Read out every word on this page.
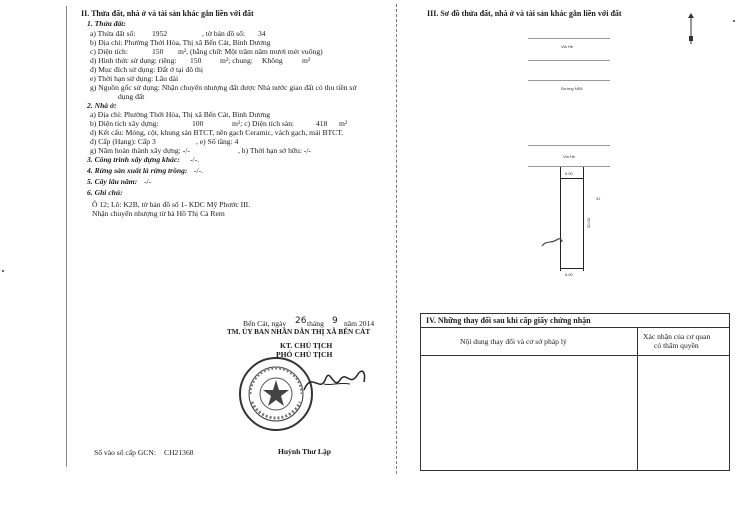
II. Thửa đất, nhà ở và tài sản khác gắn liền với đất
1. Thửa đất:
a) Thửa đất số: 1952	, tờ bản đồ số: 34
b) Địa chỉ: Phường Thới Hòa, Thị xã Bến Cát, Bình Dương
c) Diện tích:	150 m², (bằng chữ: Một trăm năm mươi mét vuông)
d) Hình thức sử dụng: riêng: 150 m²; chung: Không	m²
đ) Mục đích sử dụng: Đất ở tại đô thị
e) Thời hạn sử dụng: Lâu dài
g) Nguồn gốc sử dụng: Nhận chuyển nhượng đất được Nhà nước giao đất có thu tiền sử
dụng đất
2. Nhà ở:
a) Địa chỉ: Phường Thới Hòa, Thị xã Bến Cát, Bình Dương
b) Diện tích xây dựng:	100	m²; c) Diện tích sàn:	418 m²
d) Kết cấu: Móng, cột, khung sàn BTCT, nền gạch Ceramic, vách gạch, mái BTCT.
đ) Cấp (Hạng): Cấp 3	, e) Số tầng: 4
g) Năm hoàn thành xây dựng: -/-	, h) Thời hạn sở hữu: -/-
3. Công trình xây dựng khác: -/-.
4. Rừng sản xuất là rừng trồng: -/-.
5. Cây lâu năm: -/-
6. Ghi chú:
Ô 12; Lô: K2B, tờ bản đồ số 1- KDC Mỹ Phước III.
Nhận chuyển nhượng từ bà Hồ Thị Cà Rem
Bến Cát, ngày 26 tháng 9 năm 2014
TM. ỦY BAN NHÂN DÂN THỊ XÃ BẾN CÁT
KT. CHỦ TỊCH
PHÓ CHỦ TỊCH
Huỳnh Thư Lập
Số vào sổ cấp GCN: CH21368
III. Sơ đồ thửa đất, nhà ở và tài sản khác gắn liền với đất
Vỉa Hè
Đường NE8
Vỉa Hè
5.00
30.00
31
5.00
IV. Những thay đổi sau khi cấp giấy chứng nhận
Nội dung thay đổi và cơ sở pháp lý
Xác nhận của cơ quan
có thẩm quyền
